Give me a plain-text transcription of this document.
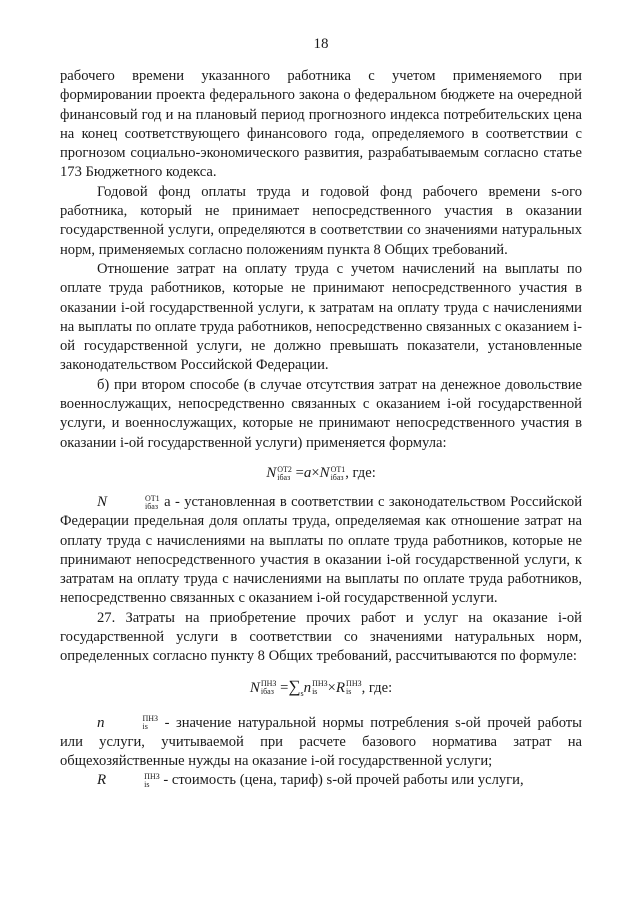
18

рабочего времени указанного работника с учетом применяемого при формировании проекта федерального закона о федеральном бюджете на очередной финансовый год и на плановый период прогнозного индекса потребительских цена на конец соответствующего финансового года, определяемого в соответствии с прогнозом социально-экономического развития, разрабатываемым согласно статье 173 Бюджетного кодекса.

Годовой фонд оплаты труда и годовой фонд рабочего времени s-ого работника, который не принимает непосредственного участия в оказании государственной услуги, определяются в соответствии со значениями натуральных норм, применяемых согласно положениям пункта 8 Общих требований.

Отношение затрат на оплату труда с учетом начислений на выплаты по оплате труда работников, которые не принимают непосредственного участия в оказании i-ой государственной услуги, к затратам на оплату труда с начислениями на выплаты по оплате труда работников, непосредственно связанных с оказанием i-ой государственной услуги, не должно превышать показатели, установленные законодательством Российской Федерации.

б) при втором способе (в случае отсутствия затрат на денежное довольствие военнослужащих, непосредственно связанных с оказанием i-ой государственной услуги, и военнослужащих, которые не принимают непосредственного участия в оказании i-ой государственной услуги) применяется формула:

N ОТ2
iбаз =a×N ОТ1
iбаз , где:

N	ОТ1
iбаз а - установленная в соответствии с законодательством Российской Федерации предельная доля оплаты труда, определяемая как отношение затрат на оплату труда с начислениями на выплаты по оплате труда работников, которые не принимают непосредственного участия в оказании i-ой государственной услуги, к затратам на оплату труда с начислениями на выплаты по оплате труда работников, непосредственно связанных с оказанием i-ой государственной услуги.

27. Затраты на приобретение прочих работ и услуг на оказание i-ой государственной услуги в соответствии со значениями натуральных норм, определенных согласно пункту 8 Общих требований, рассчитываются по формуле:

N ПНЗ
iбаз $=\sum_sn$ ПНЗ
is ×R ПНЗ
is , где:

n	ПНЗ
is - значение натуральной нормы потребления s-ой прочей работы или услуги, учитываемой при расчете базового норматива затрат на общехозяйственные нужды на оказание i-ой государственной услуги;

R	ПНЗ
is - стоимость (цена, тариф) s-ой прочей работы или услуги,
